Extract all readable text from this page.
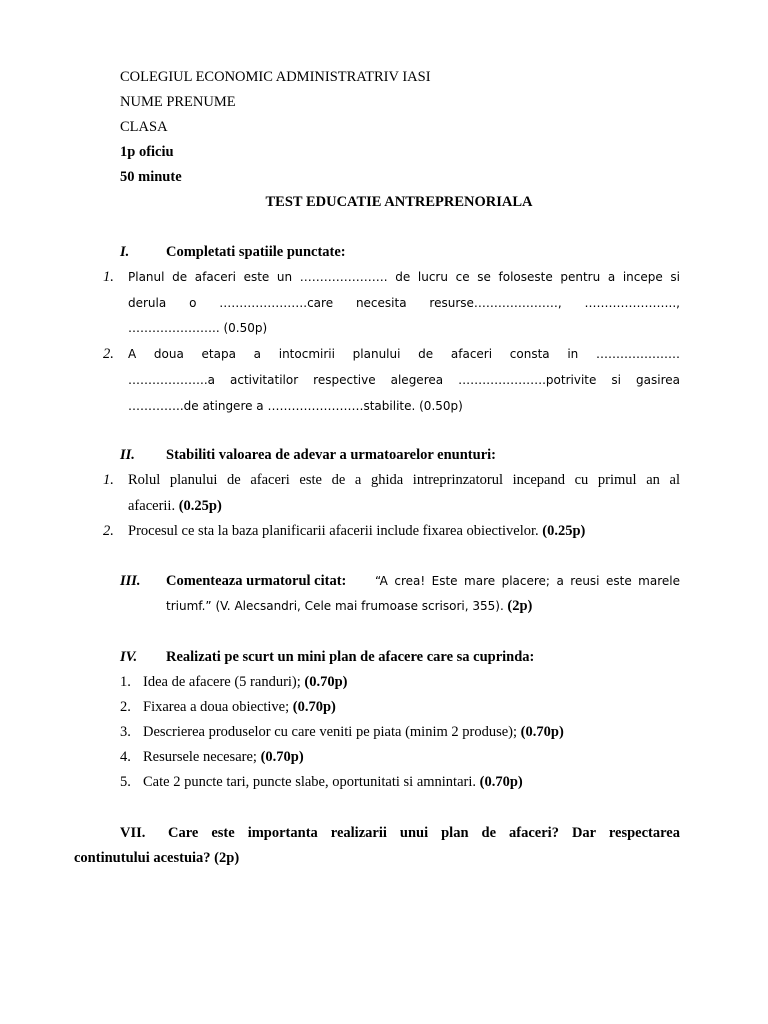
COLEGIUL ECONOMIC ADMINISTRATRIV IASI
NUME PRENUME
CLASA
1p oficiu
50 minute
TEST EDUCATIE ANTREPRENORIALA
I.	Completati spatiile punctate:
1. Planul de afaceri este un …………………. de lucru ce se foloseste pentru a incepe si
derula o ………………….care necesita resurse…………………, …………………..,
………………….. (0.50p)
2. A doua etapa a intocmirii planului de afaceri consta in …………………
………………..a activitatilor respective alegerea ………………….potrivite si gasirea
…………..de atingere a ……………………stabilite. (0.50p)
II. Stabiliti valoarea de adevar a urmatoarelor enunturi:
1. Rolul planului de afaceri este de a ghida intreprinzatorul incepand cu primul an al
afacerii. (0.25p)
2. Procesul ce sta la baza planificarii afacerii include fixarea obiectivelor. (0.25p)
III. Comenteaza urmatorul citat: “A crea! Este mare placere; a reusi este marele
triumf.” (V. Alecsandri, Cele mai frumoase scrisori, 355). (2p)
IV. Realizati pe scurt un mini plan de afacere care sa cuprinda:
1. Idea de afacere (5 randuri); (0.70p)
2. Fixarea a doua obiective; (0.70p)
3. Descrierea produselor cu care veniti pe piata (minim 2 produse); (0.70p)
4. Resursele necesare; (0.70p)
5. Cate 2 puncte tari, puncte slabe, oportunitati si amnintari. (0.70p)
VII. Care este importanta realizarii unui plan de afaceri? Dar respectarea
continutului acestuia? (2p)
